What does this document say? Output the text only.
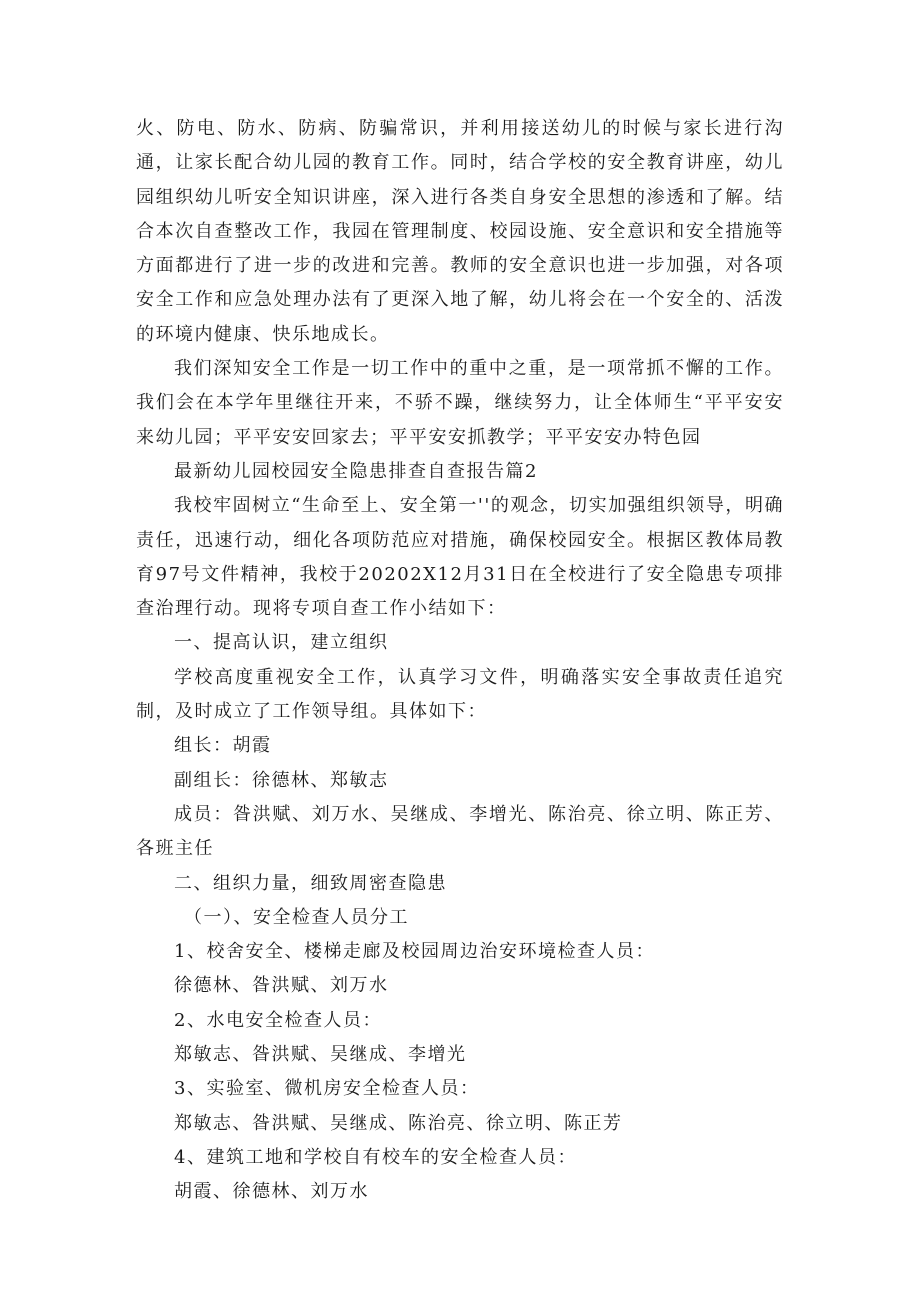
火、防电、防水、防病、防骗常识，并利用接送幼儿的时候与家长进行沟通，让家长配合幼儿园的教育工作。同时，结合学校的安全教育讲座，幼儿园组织幼儿听安全知识讲座，深入进行各类自身安全思想的渗透和了解。结合本次自查整改工作，我园在管理制度、校园设施、安全意识和安全措施等方面都进行了进一步的改进和完善。教师的安全意识也进一步加强，对各项安全工作和应急处理办法有了更深入地了解，幼儿将会在一个安全的、活泼的环境内健康、快乐地成长。

我们深知安全工作是一切工作中的重中之重，是一项常抓不懈的工作。我们会在本学年里继往开来，不骄不躁，继续努力，让全体师生“平平安安来幼儿园；平平安安回家去；平平安安抓教学；平平安安办特色园

最新幼儿园校园安全隐患排查自查报告篇2

我校牢固树立“生命至上、安全第一''的观念，切实加强组织领导，明确责任，迅速行动，细化各项防范应对措施，确保校园安全。根据区教体局教育97号文件精神，我校于20202X12月31日在全校进行了安全隐患专项排查治理行动。现将专项自查工作小结如下：

一、提高认识，建立组织

学校高度重视安全工作，认真学习文件，明确落实安全事故责任追究制，及时成立了工作领导组。具体如下：

组长：胡霞

副组长：徐德林、郑敏志

成员：昝洪赋、刘万水、吴继成、李增光、陈治亮、徐立明、陈正芳、各班主任

二、组织力量，细致周密查隐患

（一）、安全检查人员分工

1、校舍安全、楼梯走廊及校园周边治安环境检查人员：

徐德林、昝洪赋、刘万水

2、水电安全检查人员：

郑敏志、昝洪赋、吴继成、李增光

3、实验室、微机房安全检查人员：

郑敏志、昝洪赋、吴继成、陈治亮、徐立明、陈正芳

4、建筑工地和学校自有校车的安全检查人员：

胡霞、徐德林、刘万水
